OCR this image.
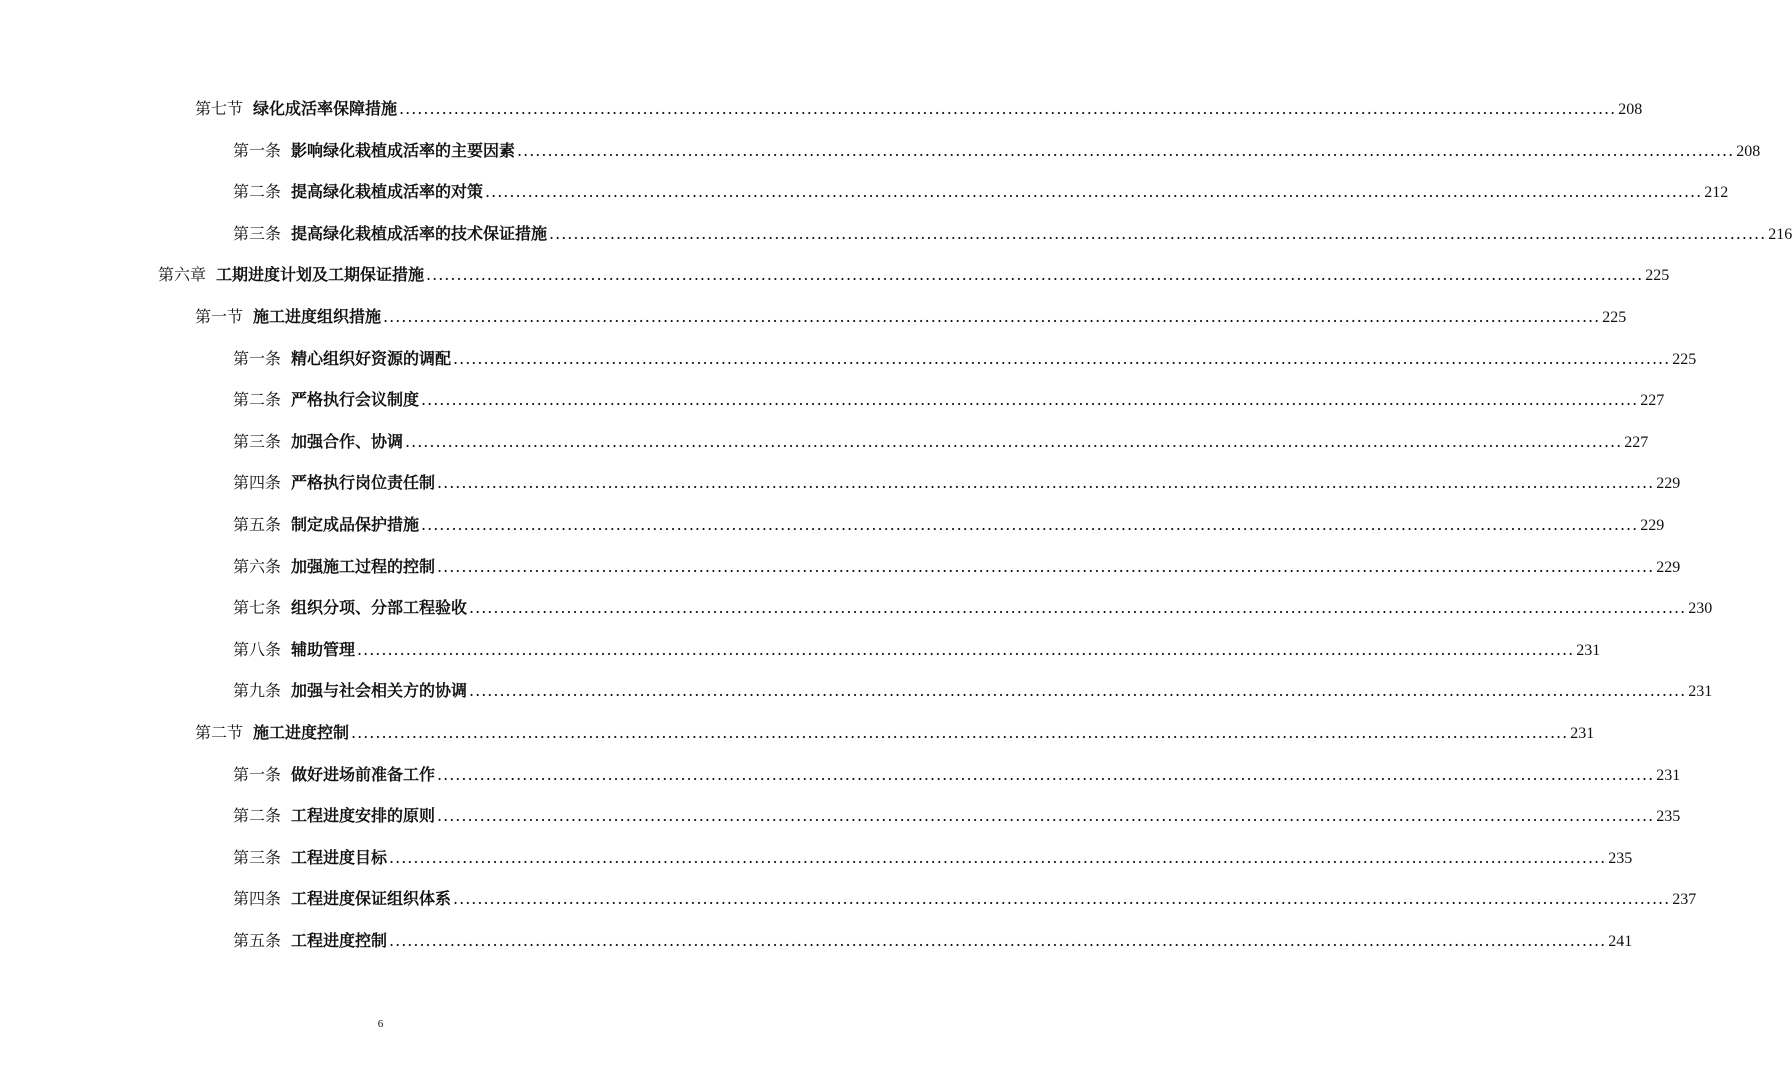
第七节 绿化成活率保障措施 ........................................................................................................................................................................................................ 208
第一条 影响绿化栽植成活率的主要因素 ........................................................................................................................................................................................................ 208
第二条 提高绿化栽植成活率的对策 ........................................................................................................................................................................................................ 212
第三条 提高绿化栽植成活率的技术保证措施 ........................................................................................................................................................................................................ 216
第六章 工期进度计划及工期保证措施 ........................................................................................................................................................................................................ 225
第一节 施工进度组织措施 ........................................................................................................................................................................................................ 225
第一条 精心组织好资源的调配 ........................................................................................................................................................................................................ 225
第二条 严格执行会议制度 ........................................................................................................................................................................................................ 227
第三条 加强合作、协调 ........................................................................................................................................................................................................ 227
第四条 严格执行岗位责任制 ........................................................................................................................................................................................................ 229
第五条 制定成品保护措施 ........................................................................................................................................................................................................ 229
第六条 加强施工过程的控制 ........................................................................................................................................................................................................ 229
第七条 组织分项、分部工程验收 ........................................................................................................................................................................................................ 230
第八条 辅助管理 ........................................................................................................................................................................................................ 231
第九条 加强与社会相关方的协调 ........................................................................................................................................................................................................ 231
第二节 施工进度控制 ........................................................................................................................................................................................................ 231
第一条 做好进场前准备工作 ........................................................................................................................................................................................................ 231
第二条 工程进度安排的原则 ........................................................................................................................................................................................................ 235
第三条 工程进度目标 ........................................................................................................................................................................................................ 235
第四条 工程进度保证组织体系 ........................................................................................................................................................................................................ 237
第五条 工程进度控制 ........................................................................................................................................................................................................ 241
6
